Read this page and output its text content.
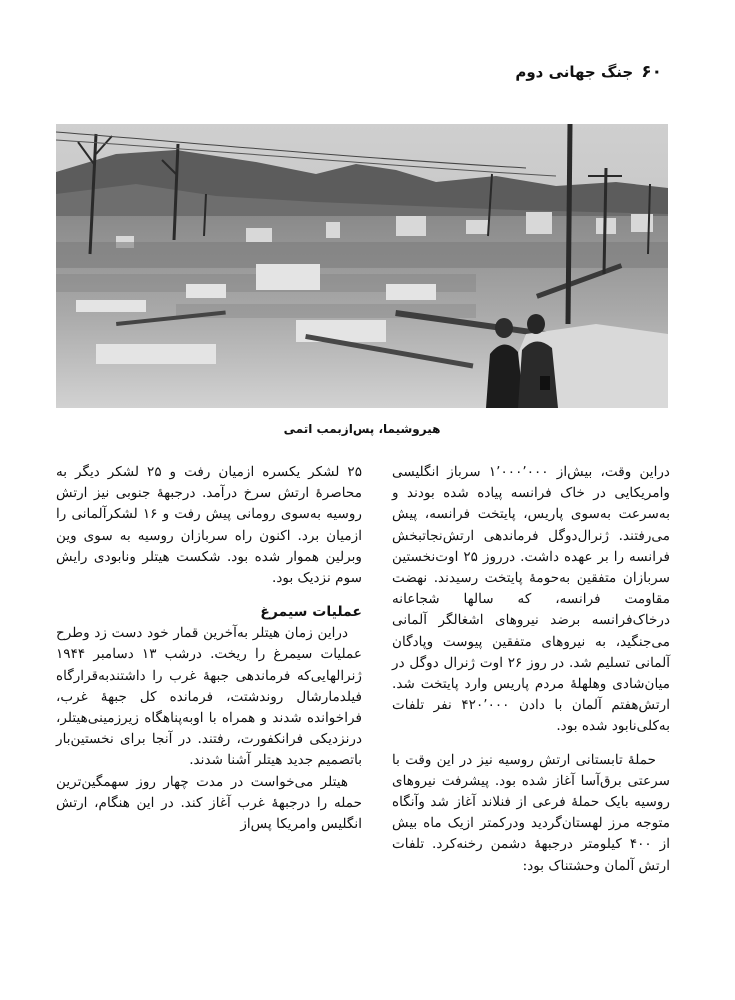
۶۰
جنگ جهانی دوم
هیروشیما، پس‌ازبمب اتمی

دراین وقت، بیش‌از ۱٬۰۰۰٬۰۰۰ سرباز انگلیسی وامریکایی در خاک فرانسه پیاده شده بودند و به‌سرعت به‌سوی پاریس، پایتخت فرانسه، پیش می‌رفتند. ژنرال‌دوگل فرماندهی ارتش‌نجاتبخش فرانسه را بر عهده داشت. درروز ۲۵ اوت‌نخستین سربازان متفقین به‌حومهٔ پایتخت رسیدند. نهضت مقاومت فرانسه، که سالها شجاعانه درخاک‌فرانسه برضد نیروهای اشغالگر آلمانی می‌جنگید، به نیروهای متفقین پیوست وپادگان آلمانی تسلیم شد. در روز ۲۶ اوت ژنرال دوگل در میان‌شادی وهلهلهٔ مردم پاریس وارد پایتخت شد. ارتش‌هفتم آلمان با دادن ۴۲۰٬۰۰۰ نفر تلفات به‌کلی‌نابود شده بود.

حملهٔ تابستانی ارتش روسیه نیز در این وقت با سرعتی برق‌آسا آغاز شده بود. پیشرفت نیروهای روسیه بایک حملهٔ فرعی از فنلاند آغاز شد وآنگاه متوجه مرز لهستان‌گردید ودرکمتر ازیک ماه بیش از ۴۰۰ کیلومتر درجبههٔ دشمن رخنه‌کرد. تلفات ارتش آلمان وحشتناک بود:

۲۵ لشکر یکسره ازمیان رفت و ۲۵ لشکر دیگر به محاصرهٔ ارتش سرخ درآمد. درجبههٔ جنوبی نیز ارتش روسیه به‌سوی رومانی پیش رفت و ۱۶ لشکرآلمانی را ازمیان برد. اکنون راه سربازان روسیه به سوی وین وبرلین هموار شده بود. شکست هیتلر ونابودی رایش سوم نزدیک بود.

عملیات سیمرغ

دراین زمان هیتلر به‌آخرین قمار خود دست زد وطرح عملیات سیمرغ را ریخت. درشب ۱۳ دسامبر ۱۹۴۴ ژنرالهایی‌که فرماندهی جبههٔ غرب را داشتندبه‌قرارگاه فیلدمارشال روندشتت، فرمانده کل جبههٔ غرب، فراخوانده شدند و همراه با اوبه‌پناهگاه زیرزمینی‌هیتلر، درنزدیکی فرانکفورت، رفتند. در آنجا برای نخستین‌بار باتصمیم جدید هیتلر آشنا شدند.

هیتلر می‌خواست در مدت چهار روز سهمگین‌ترین حمله را درجبههٔ غرب آغاز کند. در این هنگام، ارتش انگلیس وامریکا پس‌از
